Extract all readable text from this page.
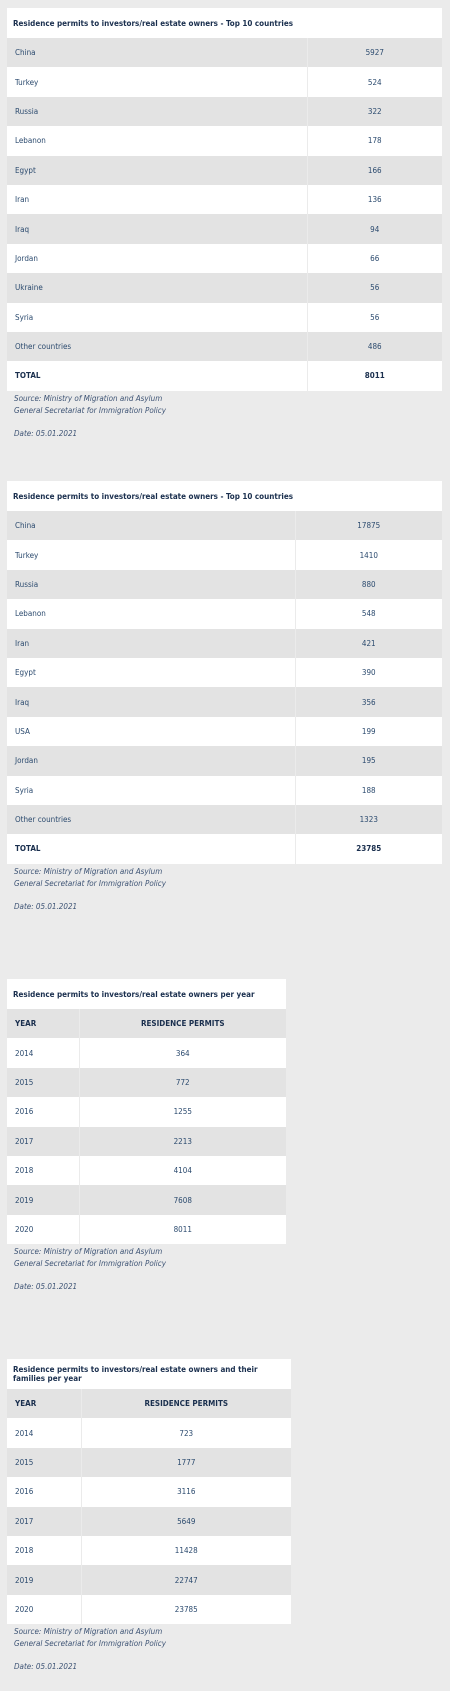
Residence permits to investors/real estate owners - Top 10 countries	
China	5927
Turkey	524
Russia	322
Lebanon	178
Egypt	166
Iran	136
Iraq	94
Jordan	66
Ukraine	56
Syria	56
Other countries	486
TOTAL	8011
Source: Ministry of Migration and Asylum
General Secretariat for Immigration Policy
Date: 05.01.2021
Residence permits to investors/real estate owners - Top 10 countries	
China	17875
Turkey	1410
Russia	880
Lebanon	548
Iran	421
Egypt	390
Iraq	356
USA	199
Jordan	195
Syria	188
Other countries	1323
TOTAL	23785
Source: Ministry of Migration and Asylum
General Secretariat for Immigration Policy
Date: 05.01.2021
Residence permits to investors/real estate owners per year	
YEAR	RESIDENCE PERMITS
2014	364
2015	772
2016	1255
2017	2213
2018	4104
2019	7608
2020	8011
Source: Ministry of Migration and Asylum
General Secretariat for Immigration Policy
Date: 05.01.2021
Residence permits to investors/real estate owners and their families per year	
YEAR	RESIDENCE PERMITS
2014	723
2015	1777
2016	3116
2017	5649
2018	11428
2019	22747
2020	23785
Source: Ministry of Migration and Asylum
General Secretariat for Immigration Policy
Date: 05.01.2021
